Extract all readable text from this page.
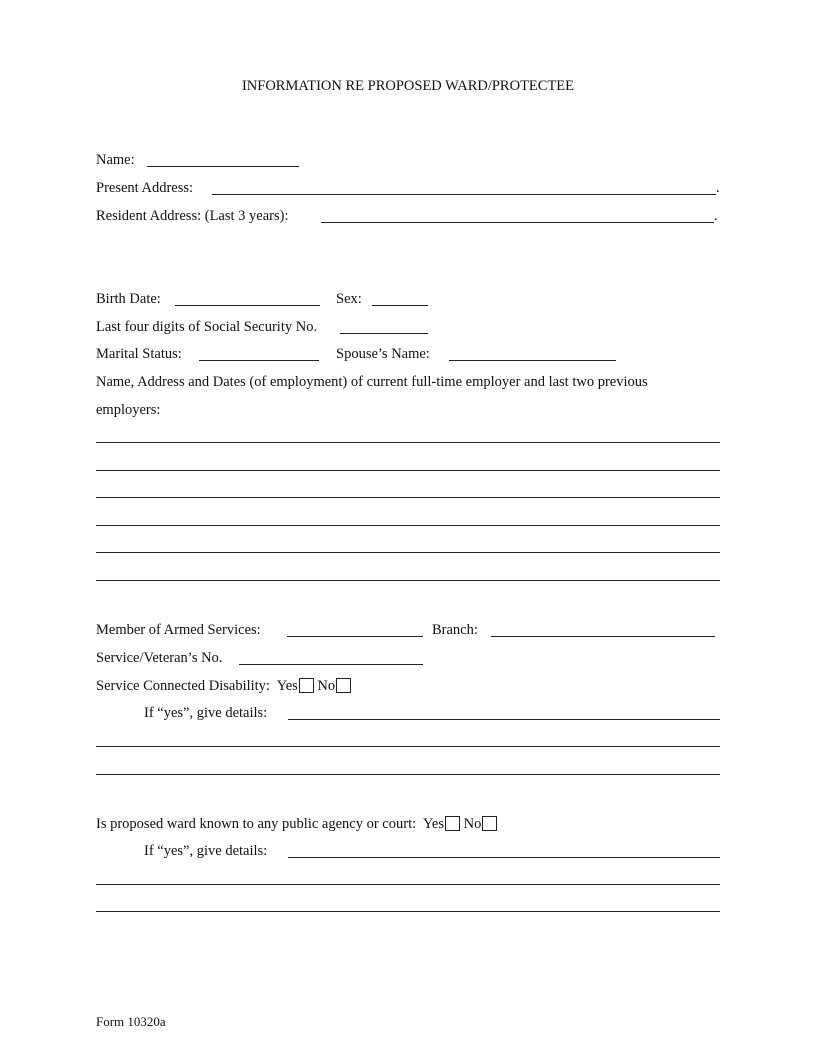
INFORMATION RE PROPOSED WARD/PROTECTEE
Name:
Present Address:	.
Resident Address: (Last 3 years):	.
Birth Date:	Sex:
Last four digits of Social Security No.
Marital Status:	Spouse’s Name:
Name, Address and Dates (of employment) of current full-time employer and last two previous
employers:
Member of Armed Services:	Branch:
Service/Veteran’s No.
Service Connected Disability: Yes No
If “yes”, give details:
Is proposed ward known to any public agency or court: Yes No
If “yes”, give details:
Form 10320a
